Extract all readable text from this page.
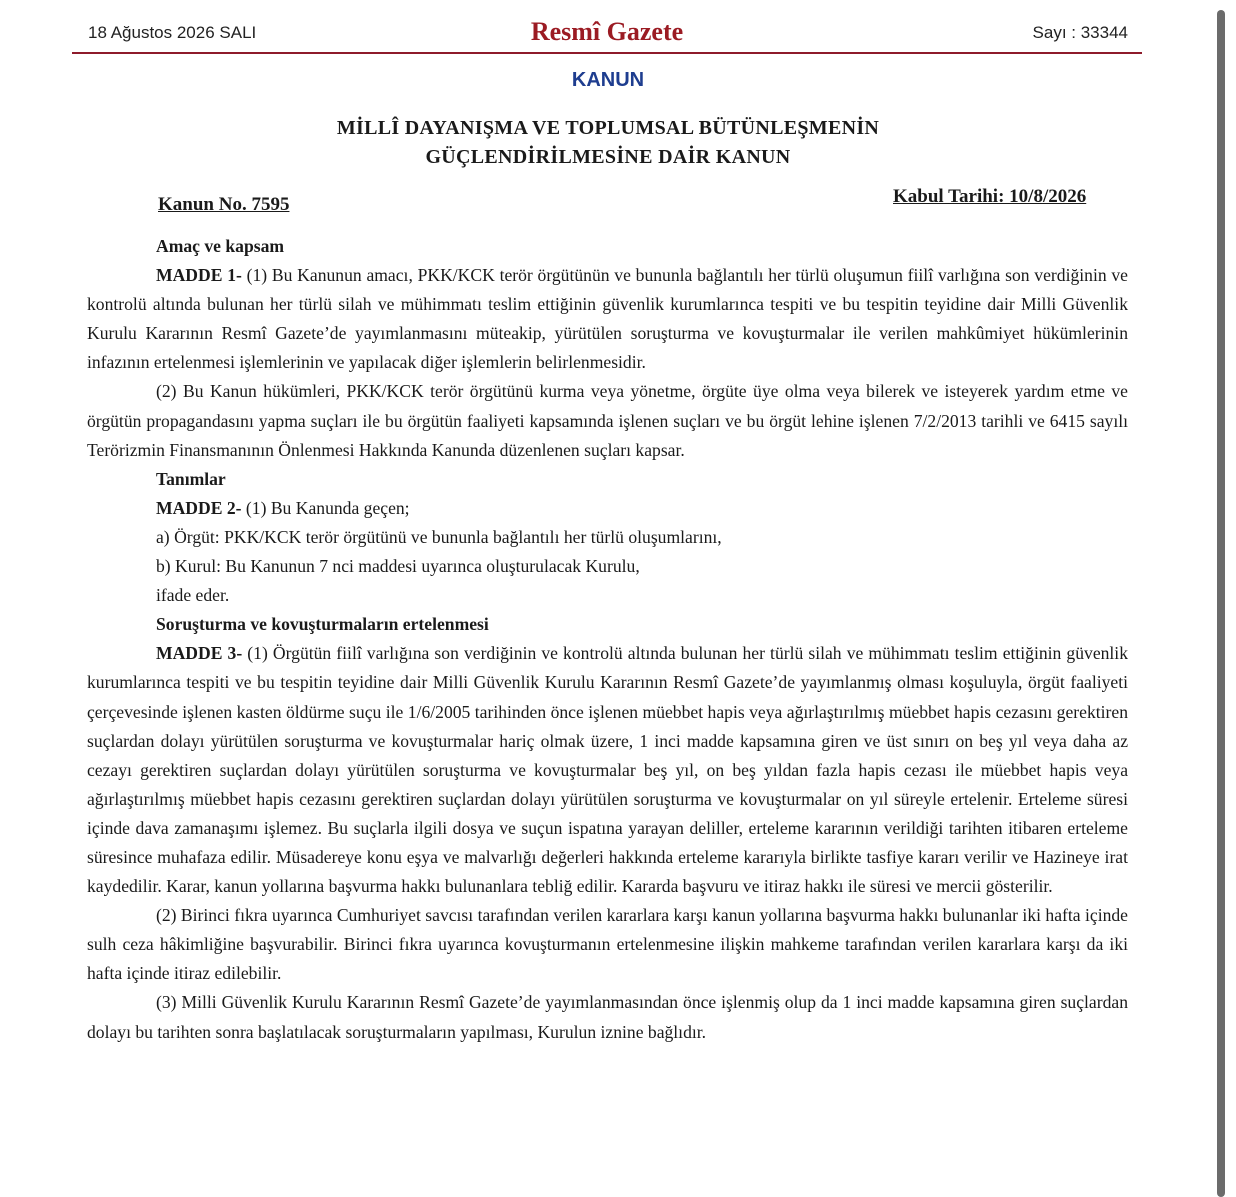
18 Ağustos 2026 SALI	Resmî Gazete	Sayı : 33344
KANUN
MİLLÎ DAYANIŞMA VE TOPLUMSAL BÜTÜNLEŞMENİN
GÜÇLENDİRİLMESİNE DAİR KANUN
Kanun No. 7595	Kabul Tarihi: 10/8/2026

Amaç ve kapsam

MADDE 1- (1) Bu Kanunun amacı, PKK/KCK terör örgütünün ve bununla bağlantılı her türlü oluşumun fiilî varlığına son verdiğinin ve kontrolü altında bulunan her türlü silah ve mühimmatı teslim ettiğinin güvenlik kurumlarınca tespiti ve bu tespitin teyidine dair Milli Güvenlik Kurulu Kararının Resmî Gazete’de yayımlanmasını müteakip, yürütülen soruşturma ve kovuşturmalar ile verilen mahkûmiyet hükümlerinin infazının ertelenmesi işlemlerinin ve yapılacak diğer işlemlerin belirlenmesidir.

(2) Bu Kanun hükümleri, PKK/KCK terör örgütünü kurma veya yönetme, örgüte üye olma veya bilerek ve isteyerek yardım etme ve örgütün propagandasını yapma suçları ile bu örgütün faaliyeti kapsamında işlenen suçları ve bu örgüt lehine işlenen 7/2/2013 tarihli ve 6415 sayılı Terörizmin Finansmanının Önlenmesi Hakkında Kanunda düzenlenen suçları kapsar.

Tanımlar

MADDE 2- (1) Bu Kanunda geçen;

a) Örgüt: PKK/KCK terör örgütünü ve bununla bağlantılı her türlü oluşumlarını,

b) Kurul: Bu Kanunun 7 nci maddesi uyarınca oluşturulacak Kurulu,

ifade eder.

Soruşturma ve kovuşturmaların ertelenmesi

MADDE 3- (1) Örgütün fiilî varlığına son verdiğinin ve kontrolü altında bulunan her türlü silah ve mühimmatı teslim ettiğinin güvenlik kurumlarınca tespiti ve bu tespitin teyidine dair Milli Güvenlik Kurulu Kararının Resmî Gazete’de yayımlanmış olması koşuluyla, örgüt faaliyeti çerçevesinde işlenen kasten öldürme suçu ile 1/6/2005 tarihinden önce işlenen müebbet hapis veya ağırlaştırılmış müebbet hapis cezasını gerektiren suçlardan dolayı yürütülen soruşturma ve kovuşturmalar hariç olmak üzere, 1 inci madde kapsamına giren ve üst sınırı on beş yıl veya daha az cezayı gerektiren suçlardan dolayı yürütülen soruşturma ve kovuşturmalar beş yıl, on beş yıldan fazla hapis cezası ile müebbet hapis veya ağırlaştırılmış müebbet hapis cezasını gerektiren suçlardan dolayı yürütülen soruşturma ve kovuşturmalar on yıl süreyle ertelenir. Erteleme süresi içinde dava zamanaşımı işlemez. Bu suçlarla ilgili dosya ve suçun ispatına yarayan deliller, erteleme kararının verildiği tarihten itibaren erteleme süresince muhafaza edilir. Müsadereye konu eşya ve malvarlığı değerleri hakkında erteleme kararıyla birlikte tasfiye kararı verilir ve Hazineye irat kaydedilir. Karar, kanun yollarına başvurma hakkı bulunanlara tebliğ edilir. Kararda başvuru ve itiraz hakkı ile süresi ve mercii gösterilir.

(2) Birinci fıkra uyarınca Cumhuriyet savcısı tarafından verilen kararlara karşı kanun yollarına başvurma hakkı bulunanlar iki hafta içinde sulh ceza hâkimliğine başvurabilir. Birinci fıkra uyarınca kovuşturmanın ertelenmesine ilişkin mahkeme tarafından verilen kararlara karşı da iki hafta içinde itiraz edilebilir.

(3) Milli Güvenlik Kurulu Kararının Resmî Gazete’de yayımlanmasından önce işlenmiş olup da 1 inci madde kapsamına giren suçlardan dolayı bu tarihten sonra başlatılacak soruşturmaların yapılması, Kurulun iznine bağlıdır.
